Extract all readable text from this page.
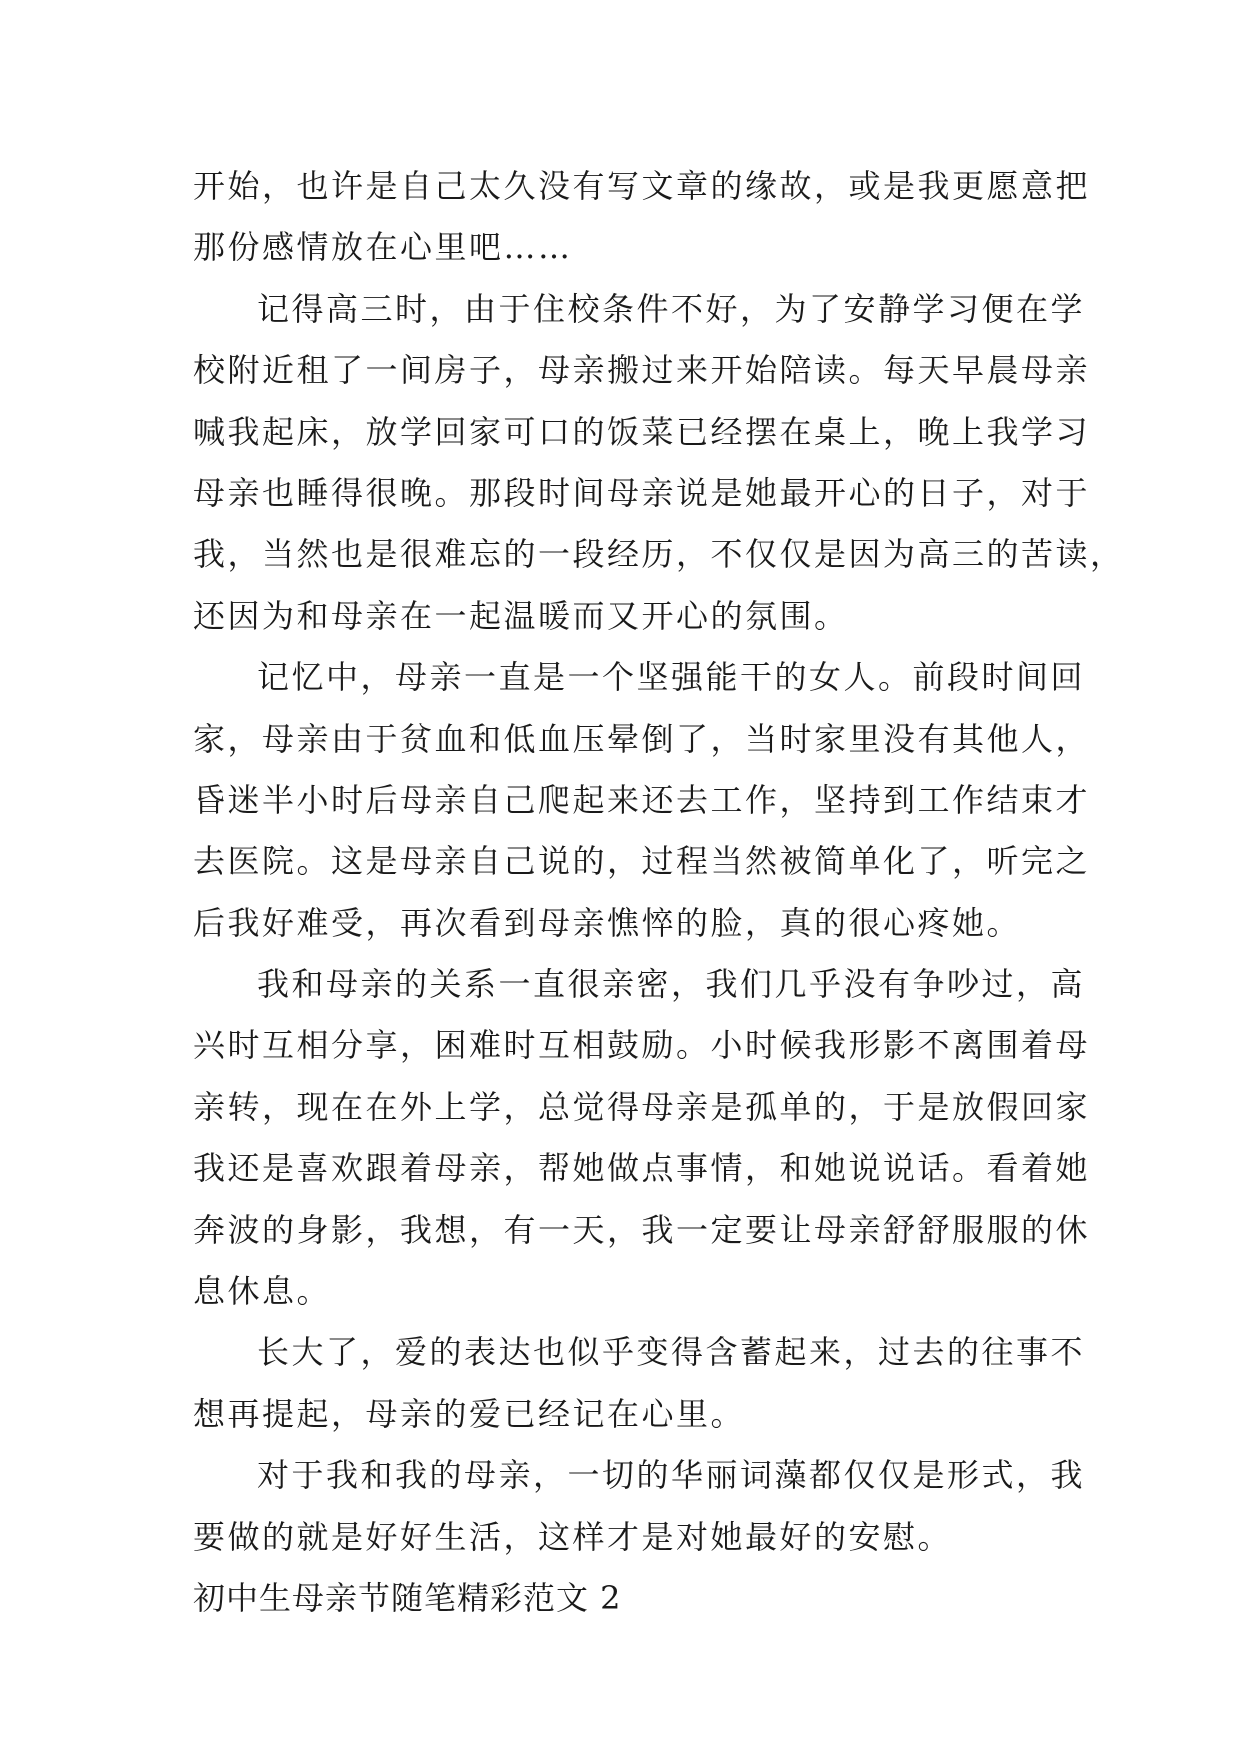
开始，也许是自己太久没有写文章的缘故，或是我更愿意把
那份感情放在心里吧……
记得高三时，由于住校条件不好，为了安静学习便在学
校附近租了一间房子，母亲搬过来开始陪读。每天早晨母亲
喊我起床，放学回家可口的饭菜已经摆在桌上，晚上我学习
母亲也睡得很晚。那段时间母亲说是她最开心的日子，对于
我，当然也是很难忘的一段经历，不仅仅是因为高三的苦读，
还因为和母亲在一起温暖而又开心的氛围。
记忆中，母亲一直是一个坚强能干的女人。前段时间回
家，母亲由于贫血和低血压晕倒了，当时家里没有其他人，
昏迷半小时后母亲自己爬起来还去工作，坚持到工作结束才
去医院。这是母亲自己说的，过程当然被简单化了，听完之
后我好难受，再次看到母亲憔悴的脸，真的很心疼她。
我和母亲的关系一直很亲密，我们几乎没有争吵过，高
兴时互相分享，困难时互相鼓励。小时候我形影不离围着母
亲转，现在在外上学，总觉得母亲是孤单的，于是放假回家
我还是喜欢跟着母亲，帮她做点事情，和她说说话。看着她
奔波的身影，我想，有一天，我一定要让母亲舒舒服服的休
息休息。
长大了，爱的表达也似乎变得含蓄起来，过去的往事不
想再提起，母亲的爱已经记在心里。
对于我和我的母亲，一切的华丽词藻都仅仅是形式，我
要做的就是好好生活，这样才是对她最好的安慰。
初中生母亲节随笔精彩范文 2
